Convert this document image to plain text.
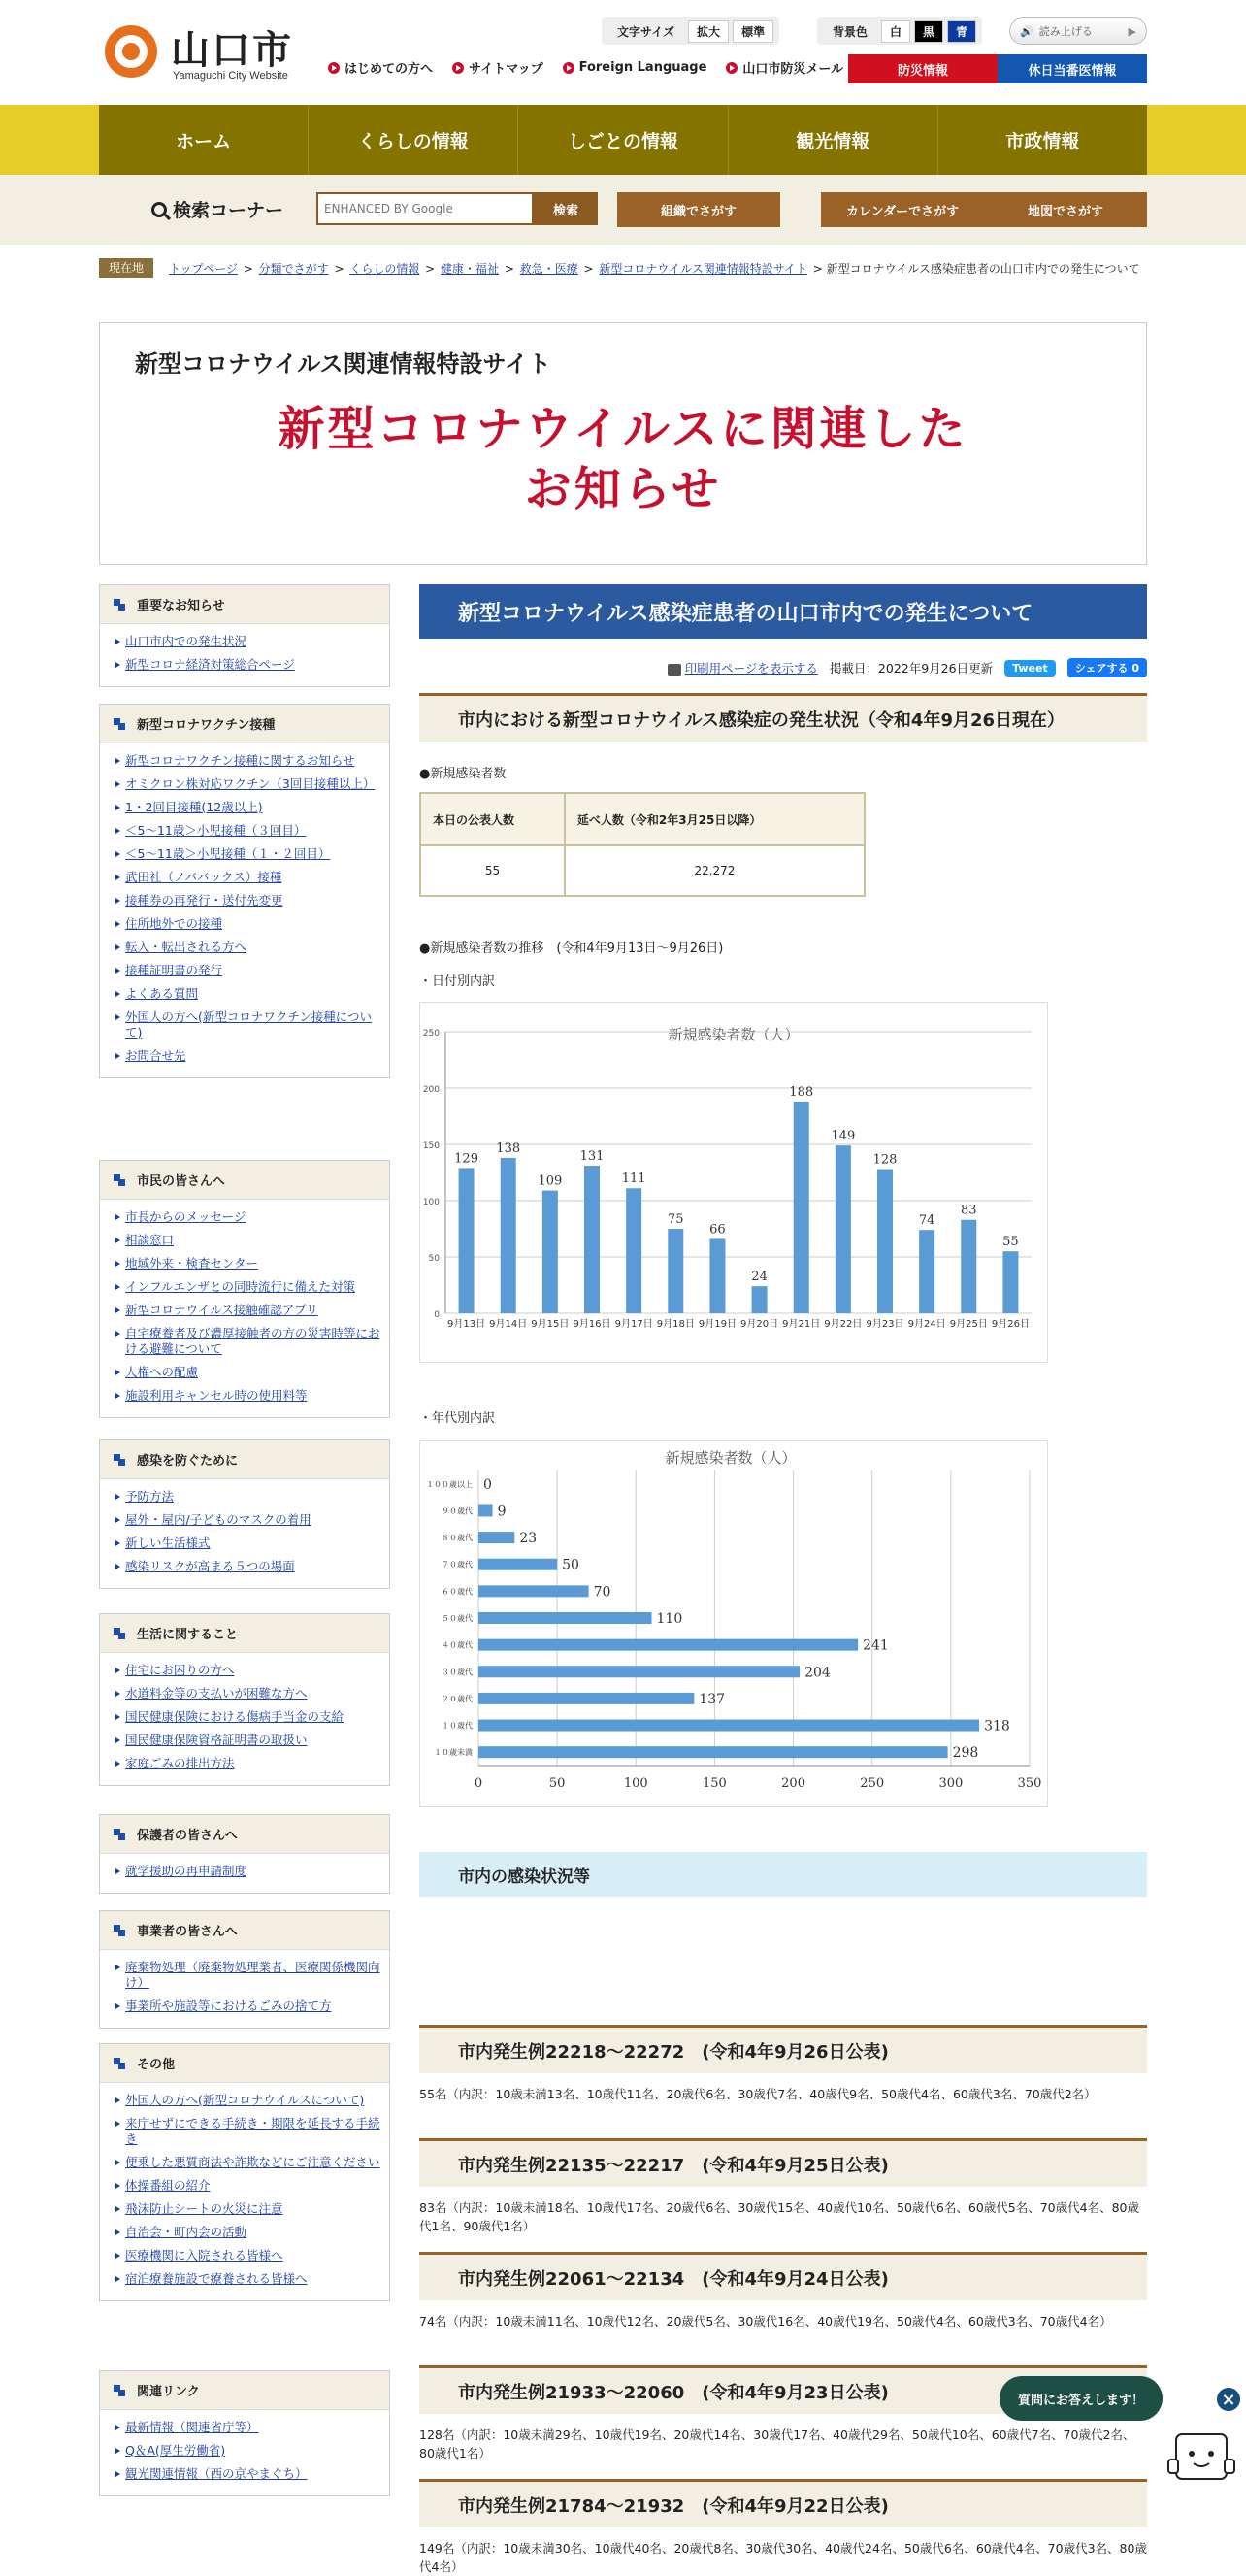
山口市
Yamaguchi City Website
文字サイズ	拡大	標準	背景色	白	黒	青	🔊 読み上げる	▶
はじめての方へ	サイトマップ	Foreign Language	山口市防災メール	防災情報	休日当番医情報
ホーム	くらしの情報	しごとの情報	観光情報	市政情報
検索コーナー	ENHANCED BY Google	検索	組織でさがす	カレンダーでさがす	地図でさがす
現在地	トップページ > 分類でさがす > くらしの情報 > 健康・福祉 > 救急・医療 > 新型コロナウイルス関連情報特設サイト > 新型コロナウイルス感染症患者の山口市内での発生について
新型コロナウイルス関連情報特設サイト
新型コロナウイルスに関連した
お知らせ
重要なお知らせ
山口市内での発生状況
新型コロナ経済対策総合ページ
新型コロナワクチン接種
新型コロナワクチン接種に関するお知らせ
オミクロン株対応ワクチン（3回目接種以上）
1・2回目接種(12歳以上)
＜5～11歳＞小児接種（３回目）
＜5～11歳＞小児接種（１・２回目）
武田社（ノババックス）接種
接種券の再発行・送付先変更
住所地外での接種
転入・転出される方へ
接種証明書の発行
よくある質問
外国人の方へ(新型コロナワクチン接種について)
お問合せ先
市民の皆さんへ
市長からのメッセージ
相談窓口
地域外来・検査センター
インフルエンザとの同時流行に備えた対策
新型コロナウイルス接触確認アプリ
自宅療養者及び濃厚接触者の方の災害時等における避難について
人権への配慮
施設利用キャンセル時の使用料等
感染を防ぐために
予防方法
屋外・屋内/子どものマスクの着用
新しい生活様式
感染リスクが高まる５つの場面
生活に関すること
住宅にお困りの方へ
水道料金等の支払いが困難な方へ
国民健康保険における傷病手当金の支給
国民健康保険資格証明書の取扱い
家庭ごみの排出方法
保護者の皆さんへ
就学援助の再申請制度
事業者の皆さんへ
廃棄物処理（廃棄物処理業者、医療関係機関向け）
事業所や施設等におけるごみの捨て方
その他
外国人の方へ(新型コロナウイルスについて)
来庁せずにできる手続き・期限を延長する手続き
便乗した悪質商法や詐欺などにご注意ください
体操番組の紹介
飛沫防止シートの火災に注意
自治会・町内会の活動
医療機関に入院される皆様へ
宿泊療養施設で療養される皆様へ
関連リンク
最新情報（関連省庁等）
Q＆A(厚生労働省)
観光関連情報（西の京やまぐち）
新型コロナウイルス感染症患者の山口市内での発生について
印刷用ページを表示する 掲載日：2022年9月26日更新	Tweet	シェアする 0
市内における新型コロナウイルス感染症の発生状況（令和4年9月26日現在）
●新規感染者数
本日の公表人数	延べ人数（令和2年3月25日以降）
55	22,272
●新規感染者数の推移　(令和4年9月13日～9月26日)
・日付別内訳
新規感染者数（人）
0
50
100
150
200
250
129
9月13日
138
9月14日
109
9月15日
131
9月16日
111
9月17日
75
9月18日
66
9月19日
24
9月20日
188
9月21日
149
9月22日
128
9月23日
74
9月24日
83
9月25日
55
9月26日
・年代別内訳
新規感染者数（人）
0	50	100	150	200	250	300	350
0
１００歳以上
9
９０歳代
23
８０歳代
50
７０歳代
70
６０歳代
110
５０歳代
241
４０歳代
204
３０歳代
137
２０歳代
318
１０歳代
298
１０歳未満
市内の感染状況等
市内発生例22218～22272　(令和4年9月26日公表)
55名（内訳：10歳未満13名、10歳代11名、20歳代6名、30歳代7名、40歳代9名、50歳代4名、60歳代3名、70歳代2名）
市内発生例22135～22217　(令和4年9月25日公表)
83名（内訳：10歳未満18名、10歳代17名、20歳代6名、30歳代15名、40歳代10名、50歳代6名、60歳代5名、70歳代4名、80歳代1名、90歳代1名）
市内発生例22061～22134　(令和4年9月24日公表)
74名（内訳：10歳未満11名、10歳代12名、20歳代5名、30歳代16名、40歳代19名、50歳代4名、60歳代3名、70歳代4名）
市内発生例21933～22060　(令和4年9月23日公表)
128名（内訳：10歳未満29名、10歳代19名、20歳代14名、30歳代17名、40歳代29名、50歳代10名、60歳代7名、70歳代2名、80歳代1名）
市内発生例21784～21932　(令和4年9月22日公表)
149名（内訳：10歳未満30名、10歳代40名、20歳代8名、30歳代30名、40歳代24名、50歳代6名、60歳代4名、70歳代3名、80歳代4名）
質問にお答えします！	×
